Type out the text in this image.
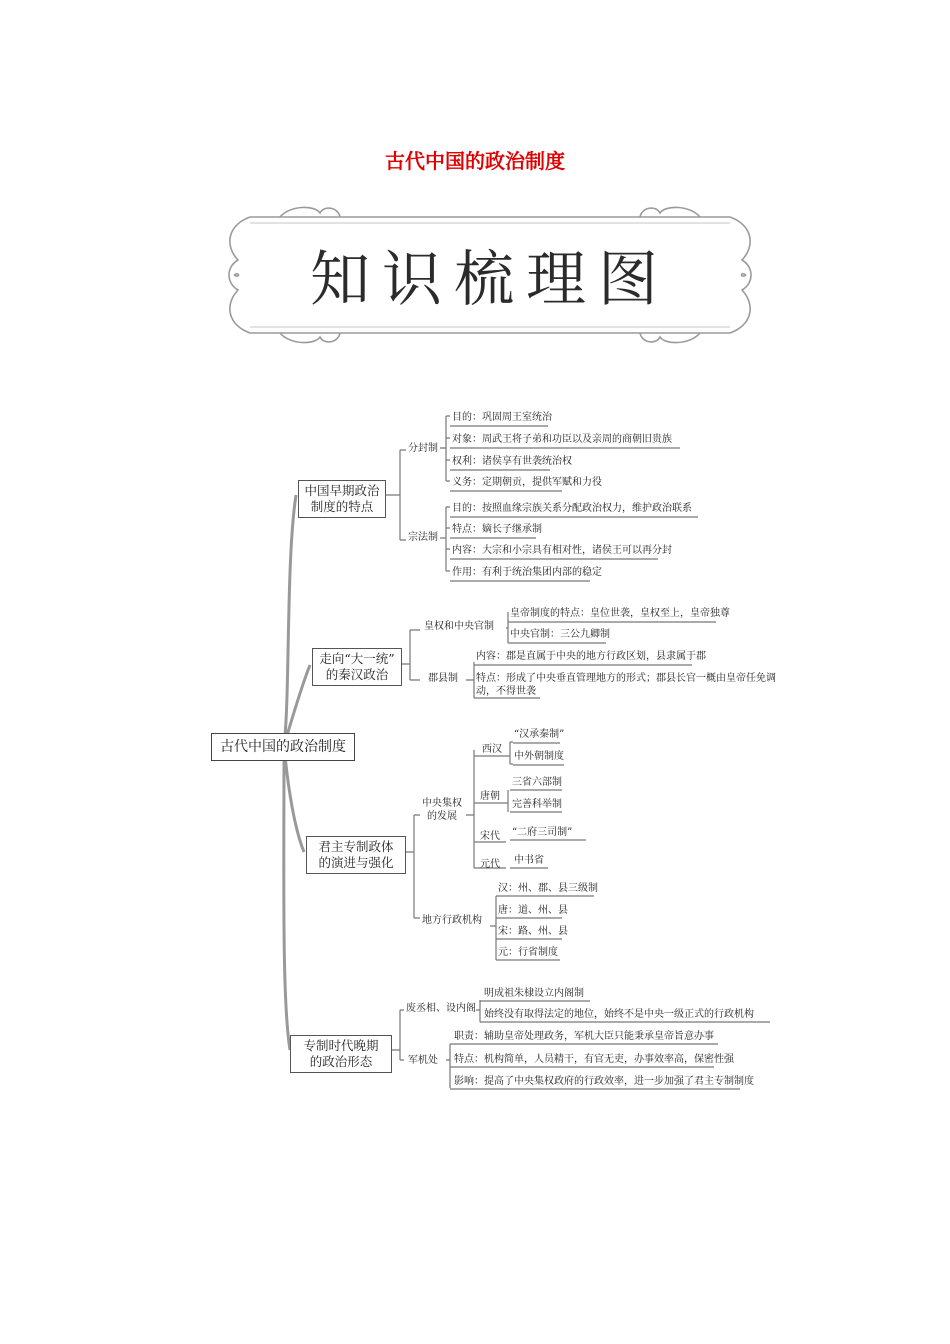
古代中国的政治制度
知识梳理图
古代中国的政治制度
中国早期政治
制度的特点
分封制
目的：巩固周王室统治
对象：周武王将子弟和功臣以及亲周的商朝旧贵族
权利：诸侯享有世袭统治权
义务：定期朝贡，提供军赋和力役
宗法制
目的：按照血缘宗族关系分配政治权力，维护政治联系
特点：嫡长子继承制
内容：大宗和小宗具有相对性，诸侯王可以再分封
作用：有利于统治集团内部的稳定
走向“大一统”
的秦汉政治
皇权和中央官制
皇帝制度的特点：皇位世袭，皇权至上，皇帝独尊
中央官制：三公九卿制
郡县制
内容：郡是直属于中央的地方行政区划，县隶属于郡
特点：形成了中央垂直管理地方的形式；郡县长官一概由皇帝任免调
动，不得世袭
君主专制政体
的演进与强化
中央集权
的发展
西汉
“汉承秦制”
中外朝制度
唐朝
三省六部制
完善科举制
宋代 “二府三司制”
元代 中书省
地方行政机构
汉：州、郡、县三级制
唐：道、州、县
宋：路、州、县
元：行省制度
专制时代晚期
的政治形态
废丞相、设内阁
明成祖朱棣设立内阁制
始终没有取得法定的地位，始终不是中央一级正式的行政机构
军机处
职责：辅助皇帝处理政务，军机大臣只能秉承皇帝旨意办事
特点：机构简单，人员精干，有官无吏，办事效率高，保密性强
影响：提高了中央集权政府的行政效率，进一步加强了君主专制制度
